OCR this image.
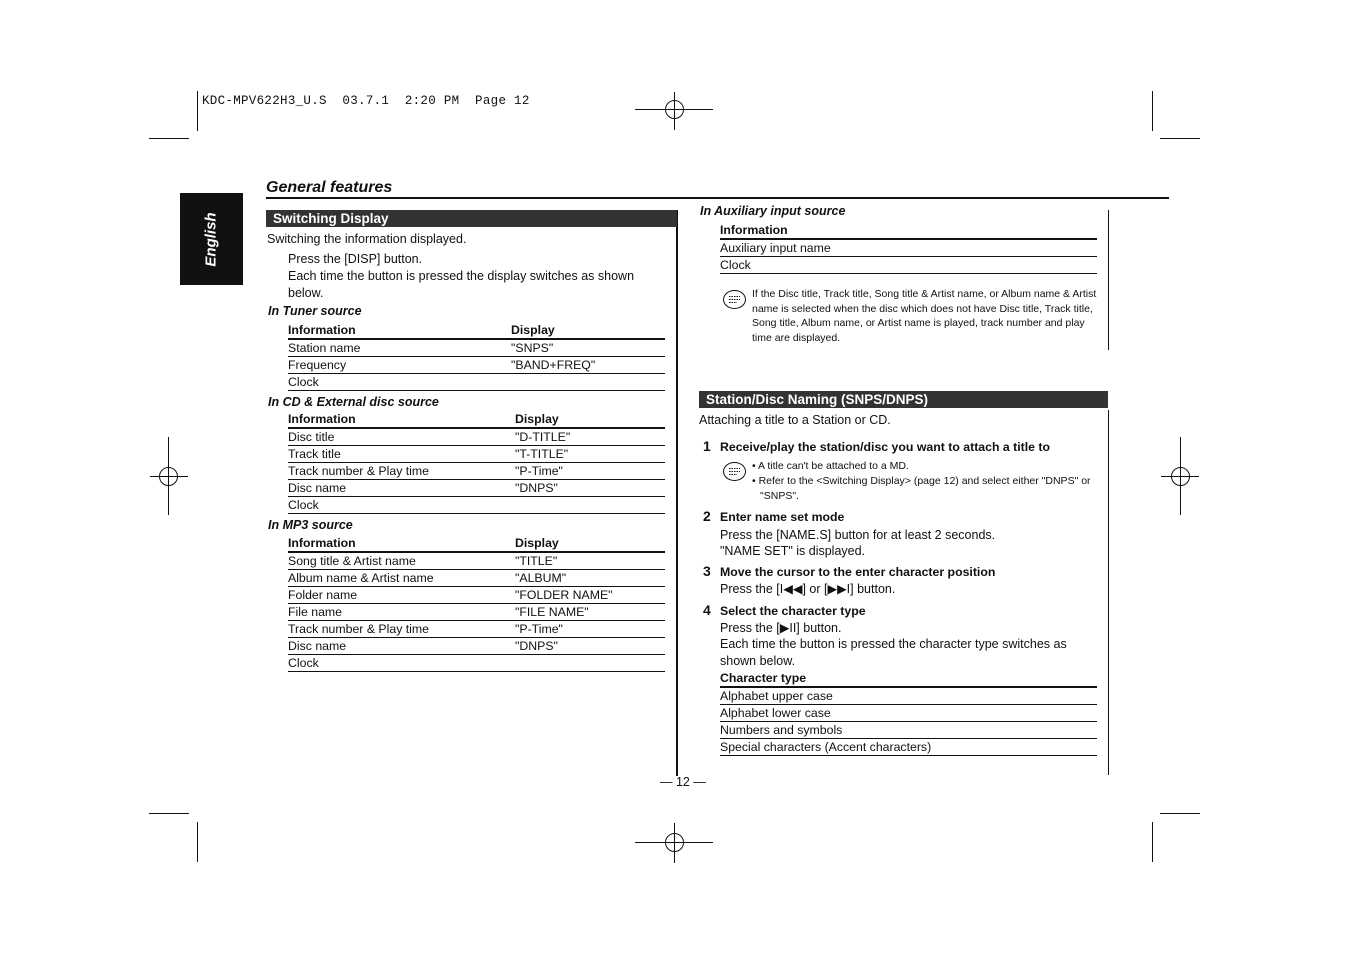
KDC-MPV622H3_U.S  03.7.1  2:20 PM  Page 12
English
General features
Switching Display
Switching the information displayed.
Press the [DISP] button.
Each time the button is pressed the display switches as shown below.
In Tuner source
Information	Display
Station name	"SNPS"
Frequency	"BAND+FREQ"
Clock	
In CD & External disc source
Information	Display
Disc title	"D-TITLE"
Track title	"T-TITLE"
Track number & Play time	"P-Time"
Disc name	"DNPS"
Clock	
In MP3 source
Information	Display
Song title & Artist name	"TITLE"
Album name & Artist name	"ALBUM"
Folder name	"FOLDER NAME"
File name	"FILE NAME"
Track number & Play time	"P-Time"
Disc name	"DNPS"
Clock	
In Auxiliary input source
Information
Auxiliary input name
Clock
If the Disc title, Track title, Song title & Artist name, or Album name & Artist name is selected when the disc which does not have Disc title, Track title, Song title, Album name, or Artist name is played, track number and play time are displayed.
Station/Disc Naming (SNPS/DNPS)
Attaching a title to a Station or CD.
1 Receive/play the station/disc you want to attach a title to
• A title can't be attached to a MD.
• Refer to the <Switching Display> (page 12) and select either "DNPS" or "SNPS".
2 Enter name set mode
Press the [NAME.S] button for at least 2 seconds.
"NAME SET" is displayed.
3 Move the cursor to the enter character position
Press the [I◀◀] or [▶▶I] button.
4 Select the character type
Press the [▶II] button.
Each time the button is pressed the character type switches as shown below.
Character type
Alphabet upper case
Alphabet lower case
Numbers and symbols
Special characters (Accent characters)
— 12 —
